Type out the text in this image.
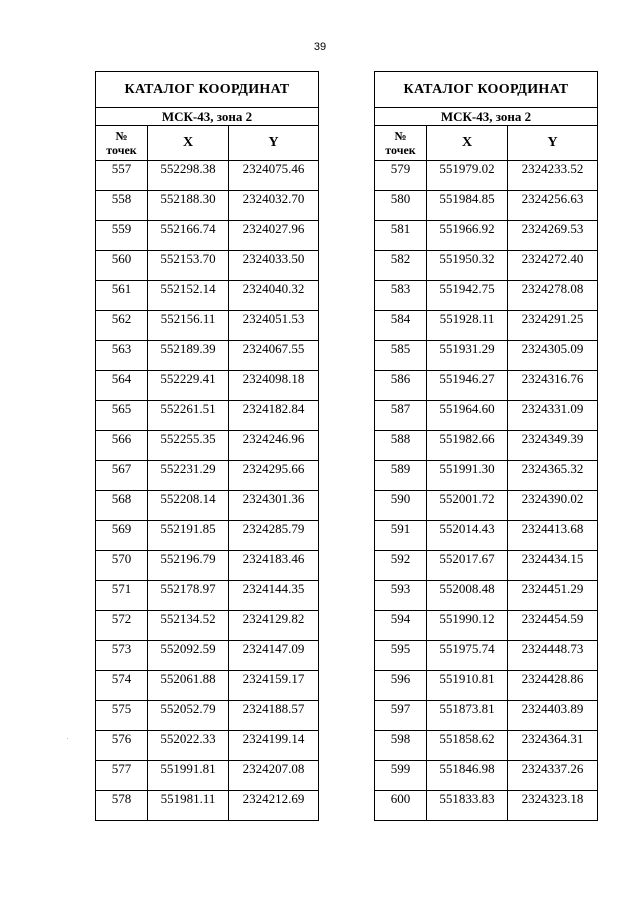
39
КАТАЛОГ КООРДИНАТ		
МСК-43, зона 2		
№
точек	X	Y
557	552298.38	2324075.46
558	552188.30	2324032.70
559	552166.74	2324027.96
560	552153.70	2324033.50
561	552152.14	2324040.32
562	552156.11	2324051.53
563	552189.39	2324067.55
564	552229.41	2324098.18
565	552261.51	2324182.84
566	552255.35	2324246.96
567	552231.29	2324295.66
568	552208.14	2324301.36
569	552191.85	2324285.79
570	552196.79	2324183.46
571	552178.97	2324144.35
572	552134.52	2324129.82
573	552092.59	2324147.09
574	552061.88	2324159.17
575	552052.79	2324188.57
576	552022.33	2324199.14
577	551991.81	2324207.08
578	551981.11	2324212.69
КАТАЛОГ КООРДИНАТ		
МСК-43, зона 2		
№
точек	X	Y
579	551979.02	2324233.52
580	551984.85	2324256.63
581	551966.92	2324269.53
582	551950.32	2324272.40
583	551942.75	2324278.08
584	551928.11	2324291.25
585	551931.29	2324305.09
586	551946.27	2324316.76
587	551964.60	2324331.09
588	551982.66	2324349.39
589	551991.30	2324365.32
590	552001.72	2324390.02
591	552014.43	2324413.68
592	552017.67	2324434.15
593	552008.48	2324451.29
594	551990.12	2324454.59
595	551975.74	2324448.73
596	551910.81	2324428.86
597	551873.81	2324403.89
598	551858.62	2324364.31
599	551846.98	2324337.26
600	551833.83	2324323.18
